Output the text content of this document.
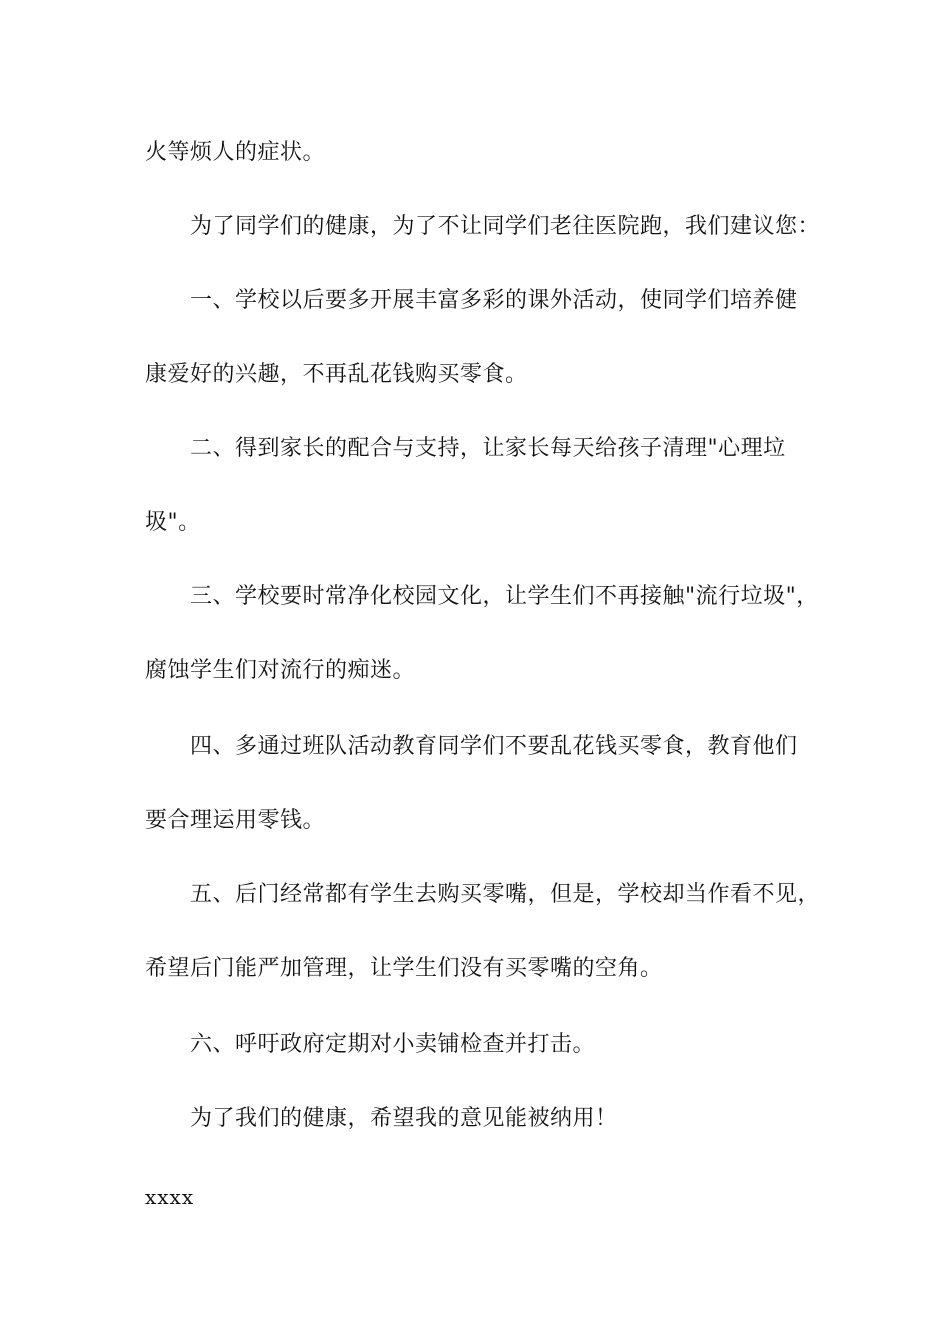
火等烦人的症状。
为了同学们的健康，为了不让同学们老往医院跑，我们建议您：
一、学校以后要多开展丰富多彩的课外活动，使同学们培养健
康爱好的兴趣，不再乱花钱购买零食。
二、得到家长的配合与支持，让家长每天给孩子清理"心理垃
圾"。
三、学校要时常净化校园文化，让学生们不再接触"流行垃圾"，
腐蚀学生们对流行的痴迷。
四、多通过班队活动教育同学们不要乱花钱买零食，教育他们
要合理运用零钱。
五、后门经常都有学生去购买零嘴，但是，学校却当作看不见，
希望后门能严加管理，让学生们没有买零嘴的空角。
六、呼吁政府定期对小卖铺检查并打击。
为了我们的健康，希望我的意见能被纳用！
xxxx
